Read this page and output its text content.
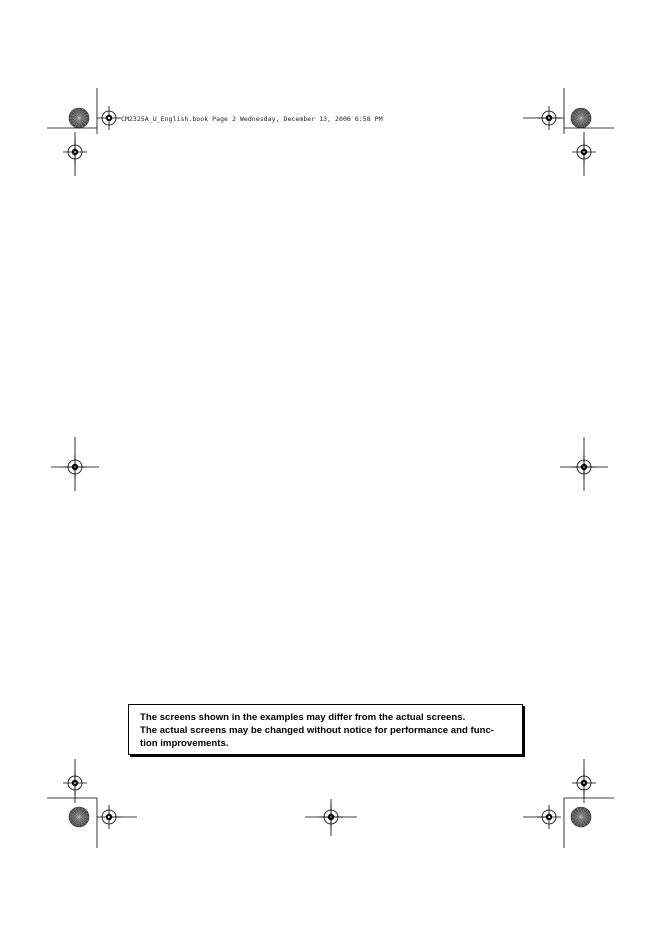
CM2325A_U_English.book Page 2 Wednesday, December 13, 2006 6:58 PM
The screens shown in the examples may differ from the actual screens.
The actual screens may be changed without notice for performance and func-
tion improvements.
